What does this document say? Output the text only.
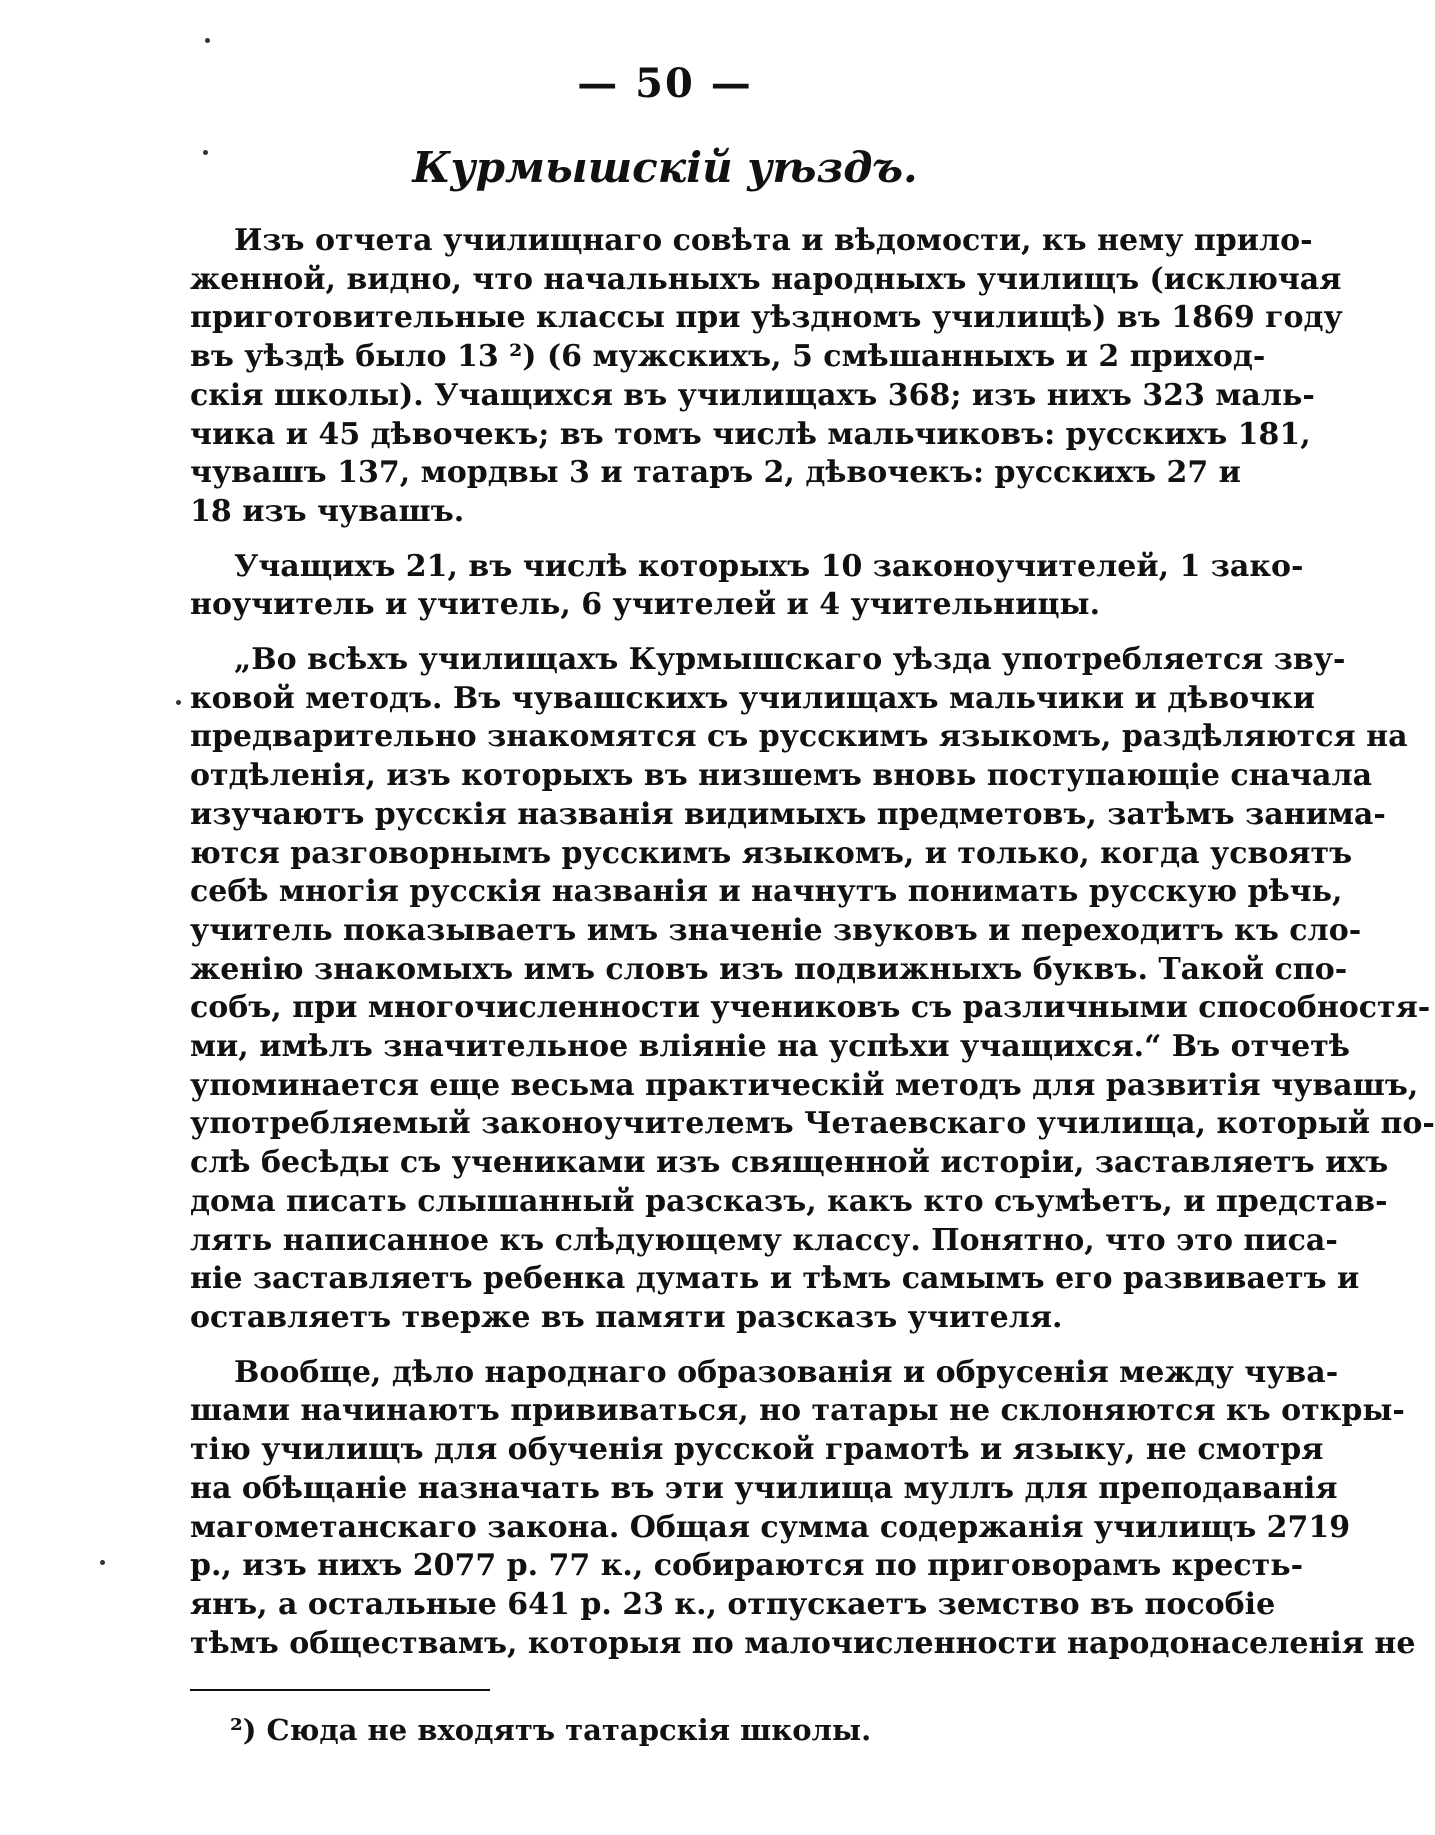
— 50 —
Курмышскій уѣздъ.
Изъ отчета училищнаго совѣта и вѣдомости, къ нему прило-
женной, видно, что начальныхъ народныхъ училищъ (исключая
приготовительные классы при уѣздномъ училищѣ) въ 1869 году
въ уѣздѣ было 13 ²) (6 мужскихъ, 5 смѣшанныхъ и 2 приход-
скія школы). Учащихся въ училищахъ 368; изъ нихъ 323 маль-
чика и 45 дѣвочекъ; въ томъ числѣ мальчиковъ: русскихъ 181,
чувашъ 137, мордвы 3 и татаръ 2, дѣвочекъ: русскихъ 27 и
18 изъ чувашъ.
Учащихъ 21, въ числѣ которыхъ 10 законоучителей, 1 зако-
ноучитель и учитель, 6 учителей и 4 учительницы.
„Во всѣхъ училищахъ Курмышскаго уѣзда употребляется зву-
ковой методъ. Въ чувашскихъ училищахъ мальчики и дѣвочки
предварительно знакомятся съ русскимъ языкомъ, раздѣляются на
отдѣленія, изъ которыхъ въ низшемъ вновь поступающіе сначала
изучаютъ русскія названія видимыхъ предметовъ, затѣмъ занима-
ются разговорнымъ русскимъ языкомъ, и только, когда усвоятъ
себѣ многія русскія названія и начнутъ понимать русскую рѣчь,
учитель показываетъ имъ значеніе звуковъ и переходитъ къ сло-
женію знакомыхъ имъ словъ изъ подвижныхъ буквъ. Такой спо-
собъ, при многочисленности учениковъ съ различными способностя-
ми, имѣлъ значительное вліяніе на успѣхи учащихся.“ Въ отчетѣ
упоминается еще весьма практическій методъ для развитія чувашъ,
употребляемый законоучителемъ Четаевскаго училища, который по-
слѣ бесѣды съ учениками изъ священной исторіи, заставляетъ ихъ
дома писать слышанный разсказъ, какъ кто съумѣетъ, и представ-
лять написанное къ слѣдующему классу. Понятно, что это писа-
ніе заставляетъ ребенка думать и тѣмъ самымъ его развиваетъ и
оставляетъ тверже въ памяти разсказъ учителя.
Вообще, дѣло народнаго образованія и обрусенія между чува-
шами начинаютъ прививаться, но татары не склоняются къ откры-
тію училищъ для обученія русской грамотѣ и языку, не смотря
на обѣщаніе назначать въ эти училища муллъ для преподаванія
магометанскаго закона. Общая сумма содержанія училищъ 2719
р., изъ нихъ 2077 р. 77 к., собираются по приговорамъ кресть-
янъ, а остальные 641 р. 23 к., отпускаетъ земство въ пособіе
тѣмъ обществамъ, которыя по малочисленности народонаселенія не
²) Сюда не входятъ татарскія школы.
